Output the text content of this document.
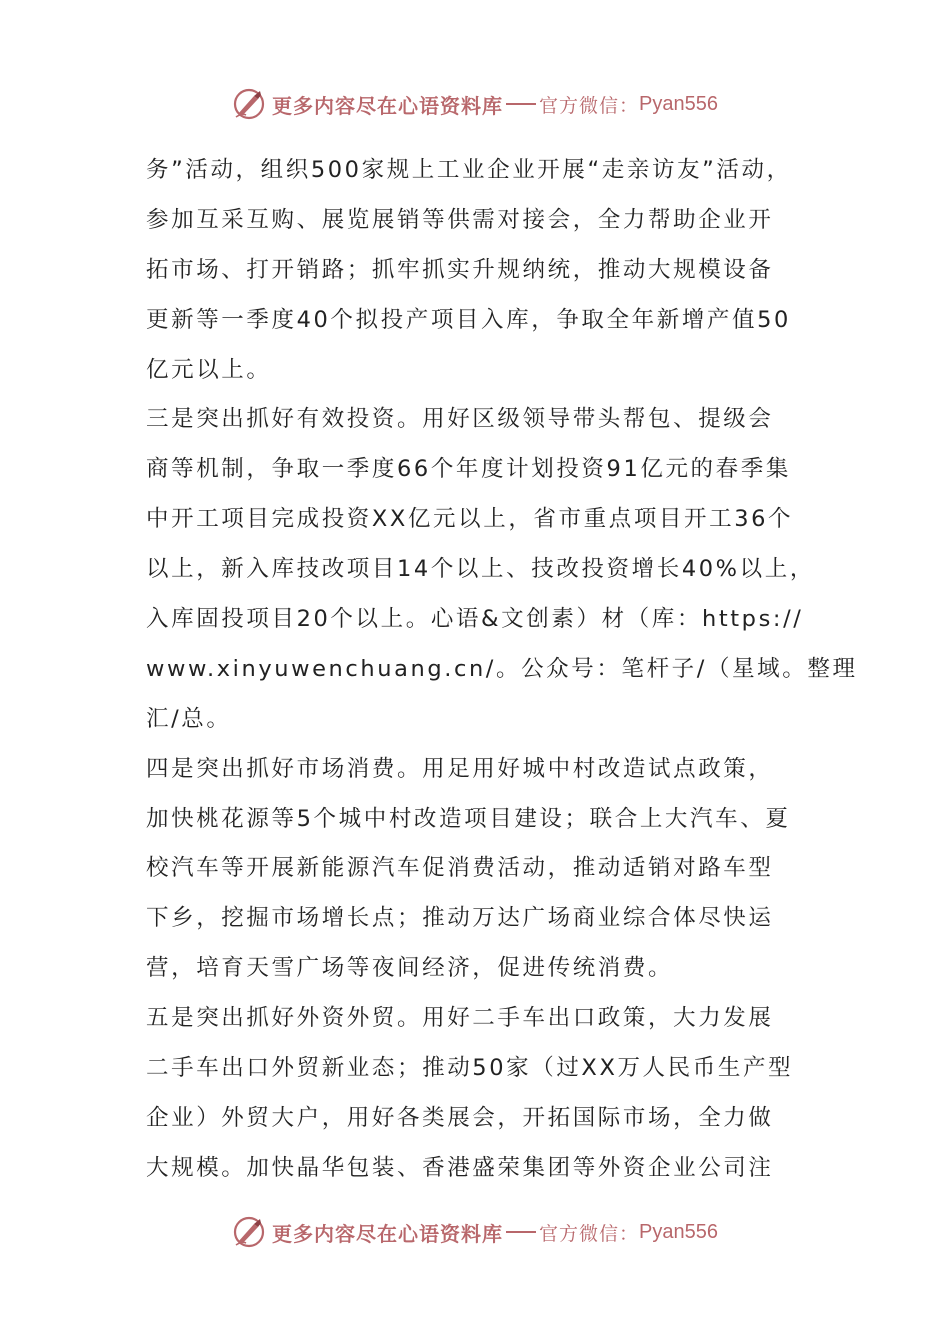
更多内容尽在心语资料库 官方微信： Pyan556
务”活动，组织500家规上工业企业开展“走亲访友”活动，
参加互采互购、展览展销等供需对接会，全力帮助企业开
拓市场、打开销路；抓牢抓实升规纳统，推动大规模设备
更新等一季度40个拟投产项目入库，争取全年新增产值50
亿元以上。
三是突出抓好有效投资。用好区级领导带头帮包、提级会
商等机制，争取一季度66个年度计划投资91亿元的春季集
中开工项目完成投资XX亿元以上，省市重点项目开工36个
以上，新入库技改项目14个以上、技改投资增长40%以上，
入库固投项目20个以上。心语&文创素）材（库：https://
www.xinyuwenchuang.cn/。公众号：笔杆子/（星域。整理
汇/总。
四是突出抓好市场消费。用足用好城中村改造试点政策，
加快桃花源等5个城中村改造项目建设；联合上大汽车、夏
校汽车等开展新能源汽车促消费活动，推动适销对路车型
下乡，挖掘市场增长点；推动万达广场商业综合体尽快运
营，培育天雪广场等夜间经济，促进传统消费。
五是突出抓好外资外贸。用好二手车出口政策，大力发展
二手车出口外贸新业态；推动50家（过XX万人民币生产型
企业）外贸大户，用好各类展会，开拓国际市场，全力做
大规模。加快晶华包装、香港盛荣集团等外资企业公司注
更多内容尽在心语资料库 官方微信： Pyan556
